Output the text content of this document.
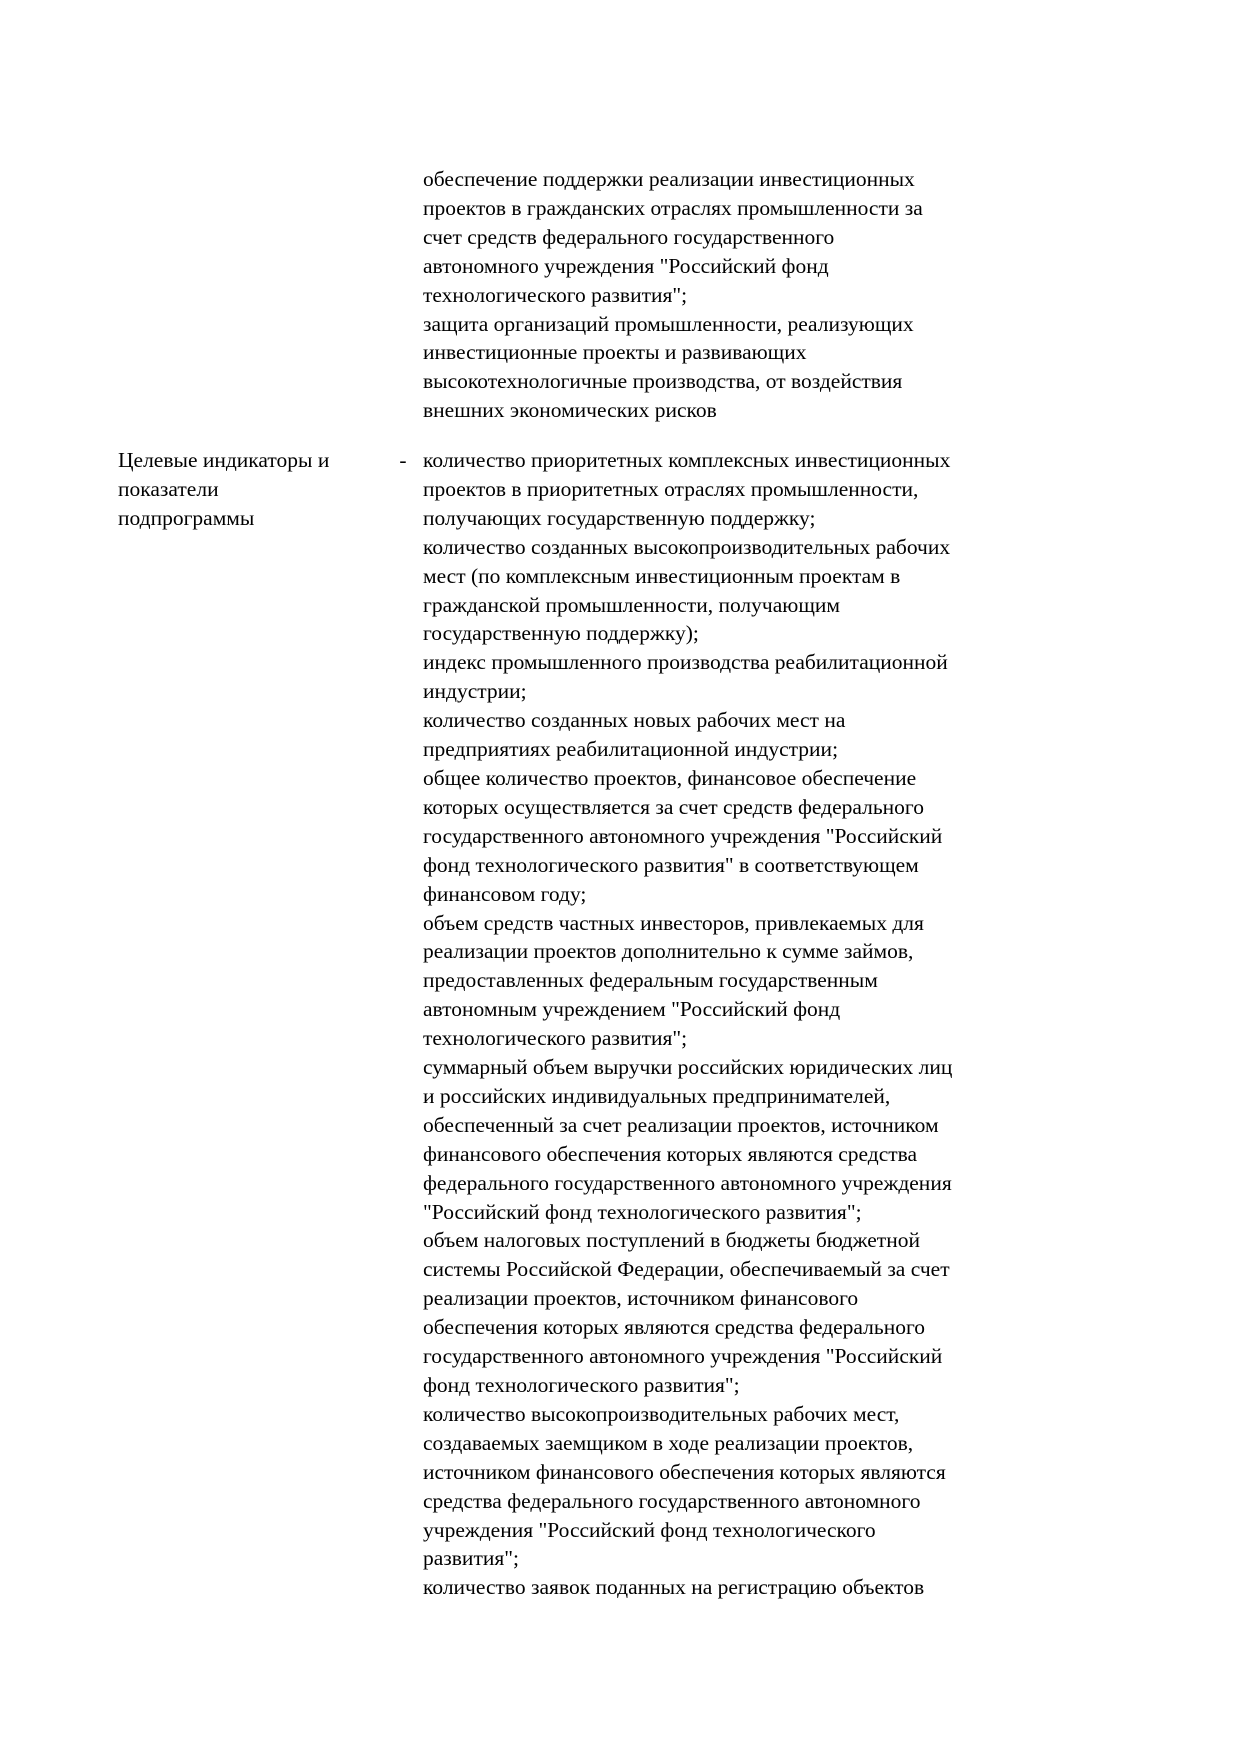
обеспечение поддержки реализации инвестиционных
проектов в гражданских отраслях промышленности за
счет средств федерального государственного
автономного учреждения "Российский фонд
технологического развития";
защита организаций промышленности, реализующих
инвестиционные проекты и развивающих
высокотехнологичные производства, от воздействия
внешних экономических рисков
Целевые индикаторы и
показатели
подпрограммы
- количество приоритетных комплексных инвестиционных
проектов в приоритетных отраслях промышленности,
получающих государственную поддержку;
количество созданных высокопроизводительных рабочих
мест (по комплексным инвестиционным проектам в
гражданской промышленности, получающим
государственную поддержку);
индекс промышленного производства реабилитационной
индустрии;
количество созданных новых рабочих мест на
предприятиях реабилитационной индустрии;
общее количество проектов, финансовое обеспечение
которых осуществляется за счет средств федерального
государственного автономного учреждения "Российский
фонд технологического развития" в соответствующем
финансовом году;
объем средств частных инвесторов, привлекаемых для
реализации проектов дополнительно к сумме займов,
предоставленных федеральным государственным
автономным учреждением "Российский фонд
технологического развития";
суммарный объем выручки российских юридических лиц
и российских индивидуальных предпринимателей,
обеспеченный за счет реализации проектов, источником
финансового обеспечения которых являются средства
федерального государственного автономного учреждения
"Российский фонд технологического развития";
объем налоговых поступлений в бюджеты бюджетной
системы Российской Федерации, обеспечиваемый за счет
реализации проектов, источником финансового
обеспечения которых являются средства федерального
государственного автономного учреждения "Российский
фонд технологического развития";
количество высокопроизводительных рабочих мест,
создаваемых заемщиком в ходе реализации проектов,
источником финансового обеспечения которых являются
средства федерального государственного автономного
учреждения "Российский фонд технологического
развития";
количество заявок поданных на регистрацию объектов
